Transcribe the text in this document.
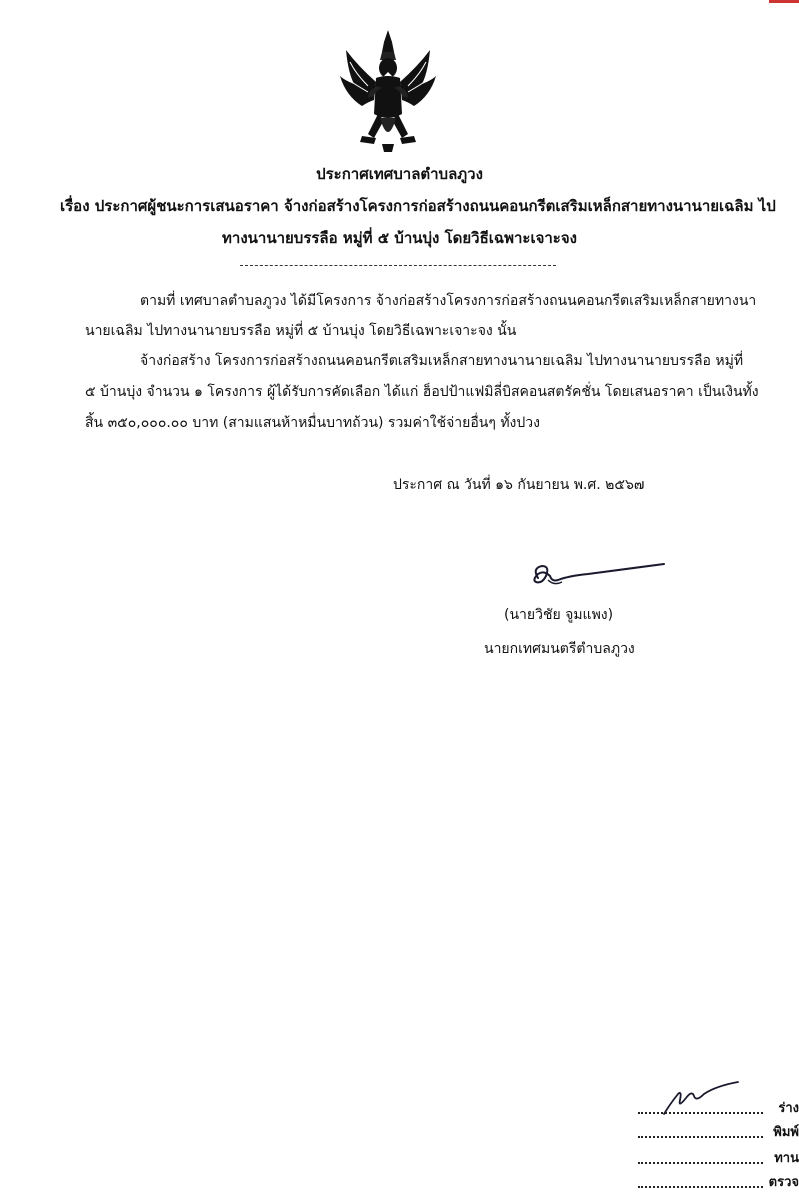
ประกาศเทศบาลตำบลภูวง
เรื่อง ประกาศผู้ชนะการเสนอราคา จ้างก่อสร้างโครงการก่อสร้างถนนคอนกรีตเสริมเหล็กสายทางนานายเฉลิม ไป
ทางนานายบรรลือ หมู่ที่ ๕ บ้านบุ่ง โดยวิธีเฉพาะเจาะจง
ตามที่ เทศบาลตำบลภูวง ได้มีโครงการ จ้างก่อสร้างโครงการก่อสร้างถนนคอนกรีตเสริมเหล็กสายทางนา
นายเฉลิม ไปทางนานายบรรลือ หมู่ที่ ๕ บ้านบุ่ง โดยวิธีเฉพาะเจาะจง นั้น
จ้างก่อสร้าง โครงการก่อสร้างถนนคอนกรีตเสริมเหล็กสายทางนานายเฉลิม ไปทางนานายบรรลือ หมู่ที่
๕ บ้านบุ่ง จำนวน ๑ โครงการ ผู้ได้รับการคัดเลือก ได้แก่ ฮ็อปป้าแฟมิลี่บิสคอนสตรัคชั่น โดยเสนอราคา เป็นเงินทั้ง
สิ้น ๓๕๐,๐๐๐.๐๐ บาท (สามแสนห้าหมื่นบาทถ้วน) รวมค่าใช้จ่ายอื่นๆ ทั้งปวง
ประกาศ ณ วันที่ ๑๖ กันยายน พ.ศ. ๒๕๖๗
(นายวิชัย จูมแพง)
นายกเทศมนตรีตำบลภูวง
ร่าง
พิมพ์
ทาน
ตรวจ
